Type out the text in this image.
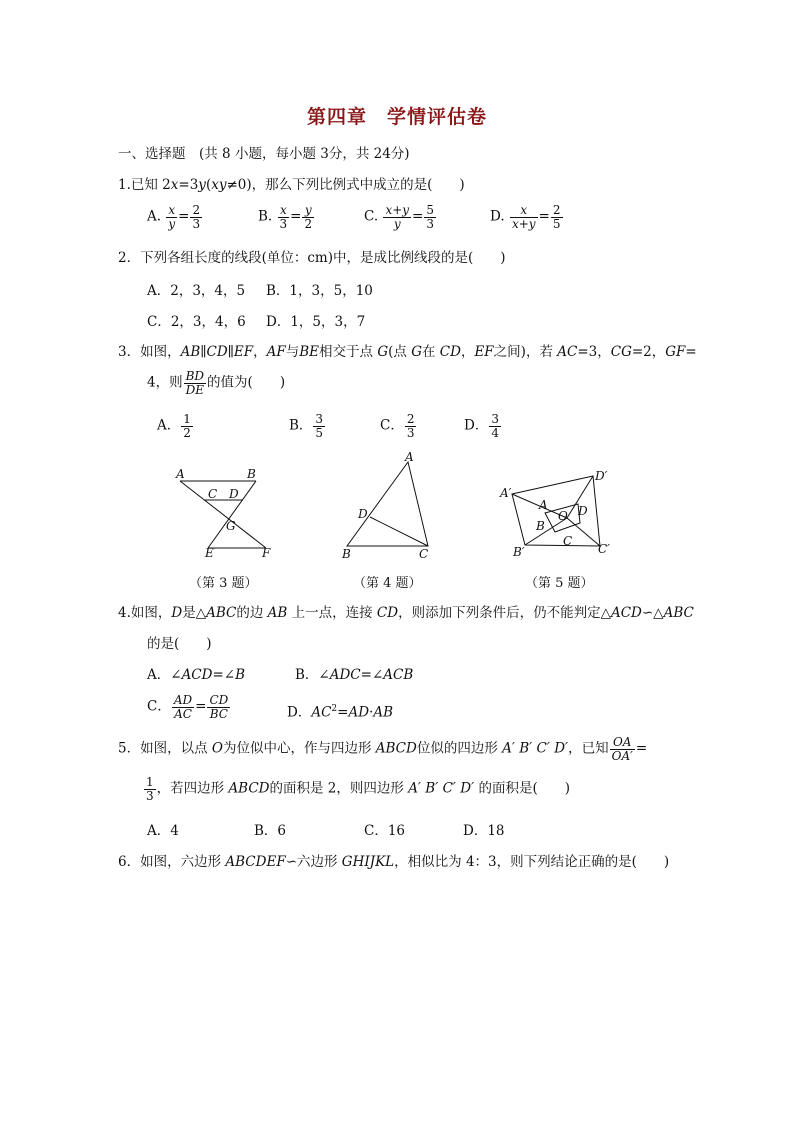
第四章　学情评估卷
一、选择题　(共 8 小题，每小题 3分，共 24分)
1.已知 2x=3y(xy≠0)，那么下列比例式中成立的是(　　)
A. $\frac{x}{y} = \frac{2}{3}$	B. $\frac{x}{3} = \frac{y}{2}$	C. $\frac{x+y}{y} = \frac{5}{3}$	D. $\frac{x}{x+y} = \frac{2}{5}$
2．下列各组长度的线段(单位：cm)中，是成比例线段的是(　　)
A．2，3，4，5 B．1，3，5，10
C．2，3，4，6 D．1，5，3，7
3．如图，AB∥CD∥EF，AF与BE相交于点 G(点 G在 CD，EF之间)，若 AC=3，CG=2，GF=
4，则 $\frac{BD}{DE}$ 的值为(　　)
A． $\frac{1}{2}$	B． $\frac{3}{5}$	C． $\frac{2}{3}$	D． $\frac{3}{4}$
A	B
C D
G
E	F
A
D
B	C
A′
D′
A
O D
B
C
B′	C′
（第 3 题）	（第 4 题）	（第 5 题）
4.如图，D是△ABC的边 AB 上一点，连接 CD，则添加下列条件后，仍不能判定△ACD∽△ABC
的是(　　)
A．∠ACD=∠B	B．∠ADC=∠ACB
C． $\frac{AD}{AC} = \frac{CD}{BC}$	D．$AC^2=AD\cdot AB$
5．如图，以点 O为位似中心，作与四边形 ABCD位似的四边形 A′ B′ C′ D′，已知 $\frac{OA}{OA'}$ =
$\frac{1}{3}$ ，若四边形 ABCD的面积是 2，则四边形 A′ B′ C′ D′ 的面积是(　　)
A．4	B．6	C．16	D．18
6．如图，六边形 ABCDEF∽六边形 GHIJKL，相似比为 4：3，则下列结论正确的是(　　)
